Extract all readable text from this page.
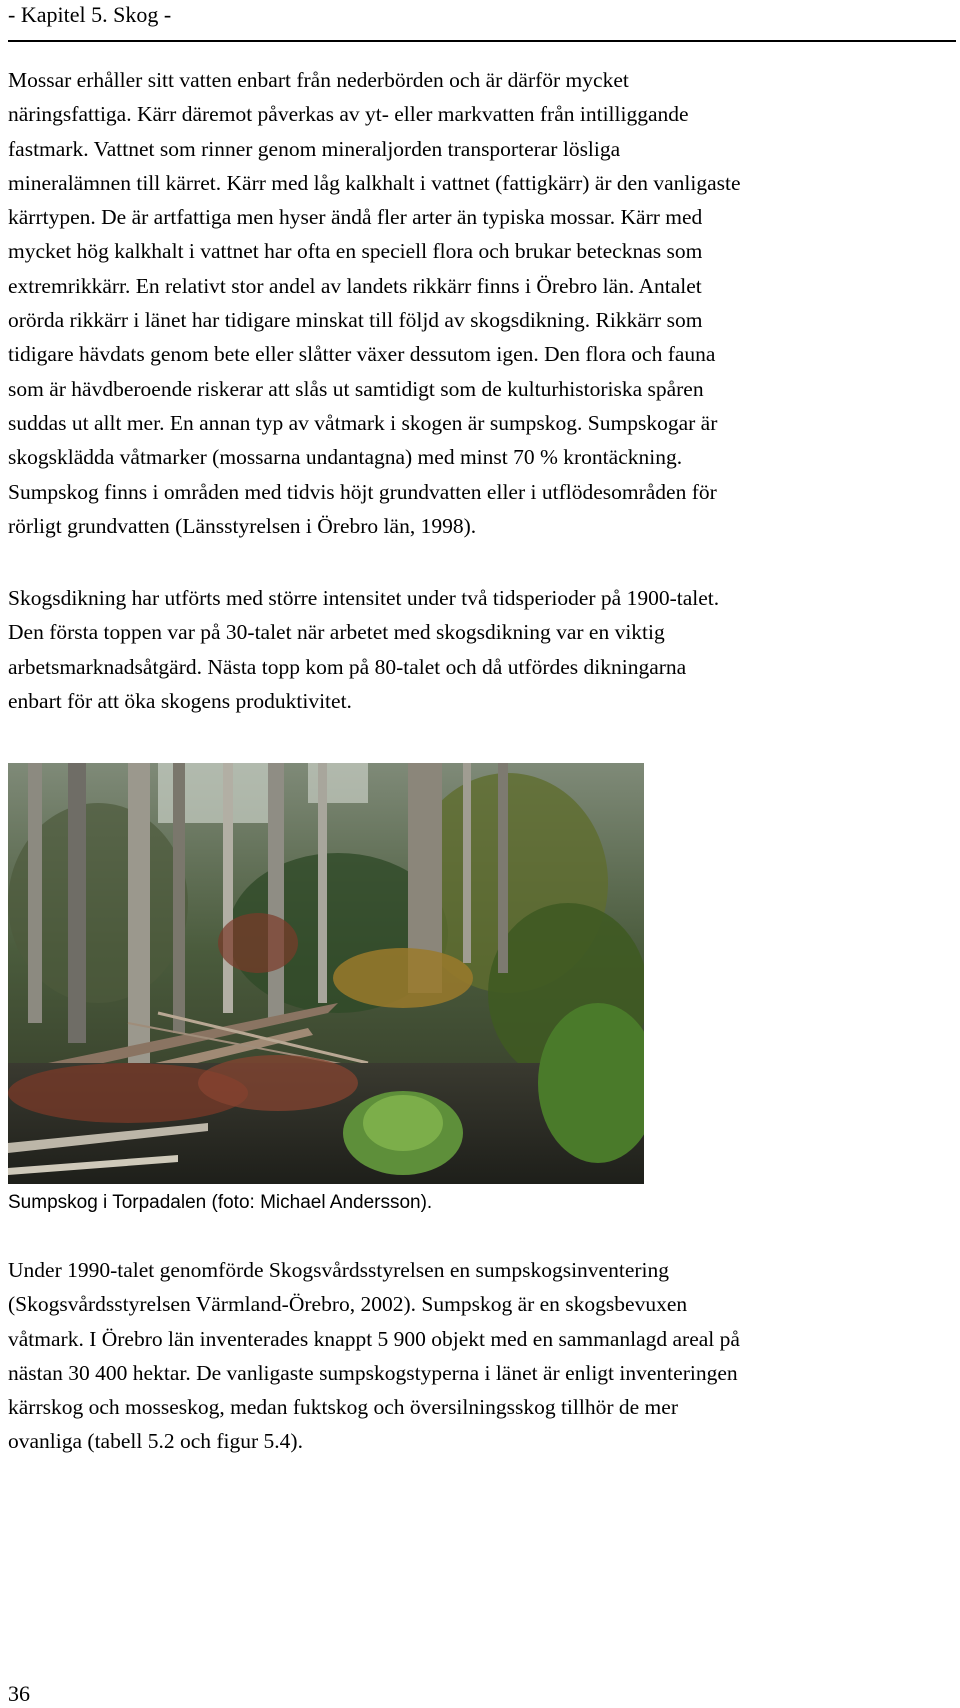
- Kapitel 5. Skog -
Mossar erhåller sitt vatten enbart från nederbörden och är därför mycket
näringsfattiga. Kärr däremot påverkas av yt- eller markvatten från intilliggande
fastmark. Vattnet som rinner genom mineraljorden transporterar lösliga
mineralämnen till kärret. Kärr med låg kalkhalt i vattnet (fattigkärr) är den vanligaste
kärrtypen. De är artfattiga men hyser ändå fler arter än typiska mossar. Kärr med
mycket hög kalkhalt i vattnet har ofta en speciell flora och brukar betecknas som
extremrikkärr. En relativt stor andel av landets rikkärr finns i Örebro län. Antalet
orörda rikkärr i länet har tidigare minskat till följd av skogsdikning. Rikkärr som
tidigare hävdats genom bete eller slåtter växer dessutom igen. Den flora och fauna
som är hävdberoende riskerar att slås ut samtidigt som de kulturhistoriska spåren
suddas ut allt mer. En annan typ av våtmark i skogen är sumpskog. Sumpskogar är
skogsklädda våtmarker (mossarna undantagna) med minst 70 % krontäckning.
Sumpskog finns i områden med tidvis höjt grundvatten eller i utflödesområden för
rörligt grundvatten (Länsstyrelsen i Örebro län, 1998).
Skogsdikning har utförts med större intensitet under två tidsperioder på 1900-talet.
Den första toppen var på 30-talet när arbetet med skogsdikning var en viktig
arbetsmarknadsåtgärd. Nästa topp kom på 80-talet och då utfördes dikningarna
enbart för att öka skogens produktivitet.
Sumpskog i Torpadalen (foto: Michael Andersson).
Under 1990-talet genomförde Skogsvårdsstyrelsen en sumpskogsinventering
(Skogsvårdsstyrelsen Värmland-Örebro, 2002). Sumpskog är en skogsbevuxen
våtmark. I Örebro län inventerades knappt 5 900 objekt med en sammanlagd areal på
nästan 30 400 hektar. De vanligaste sumpskogstyperna i länet är enligt inventeringen
kärrskog och mosseskog, medan fuktskog och översilningsskog tillhör de mer
ovanliga (tabell 5.2 och figur 5.4).
36
